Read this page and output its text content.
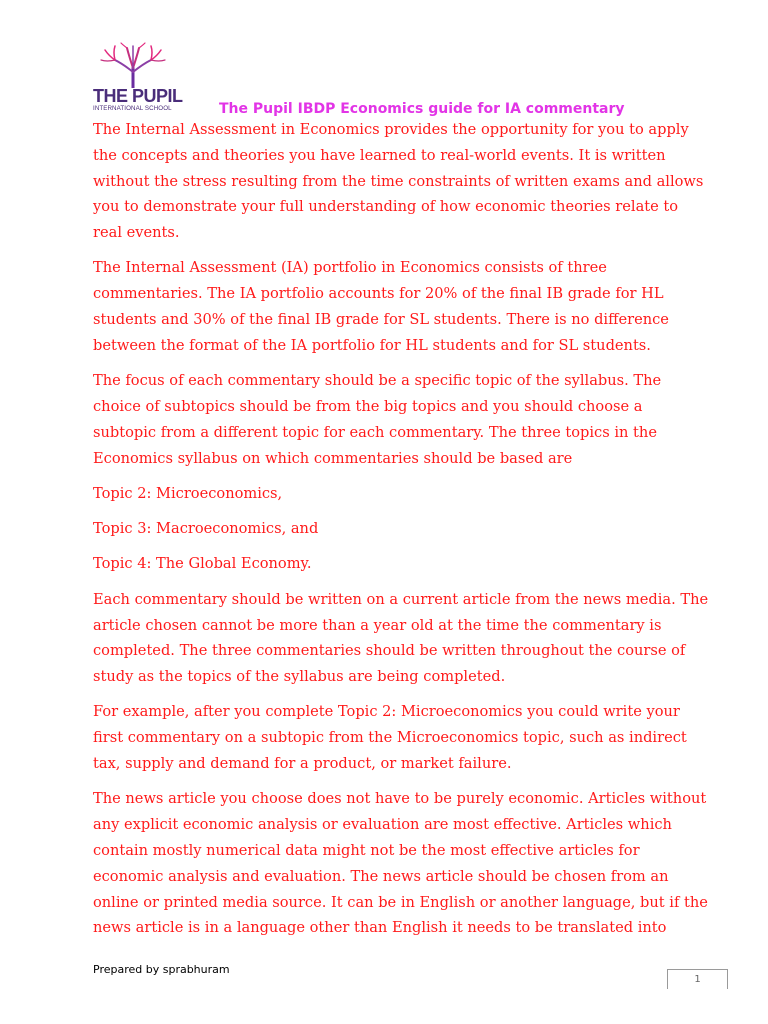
THE PUPIL
INTERNATIONAL SCHOOL	The Pupil IBDP Economics guide for IA commentary

The Internal Assessment in Economics provides the opportunity for you to apply
the concepts and theories you have learned to real-world events. It is written
without the stress resulting from the time constraints of written exams and allows
you to demonstrate your full understanding of how economic theories relate to
real events.

The Internal Assessment (IA) portfolio in Economics consists of three
commentaries. The IA portfolio accounts for 20% of the final IB grade for HL
students and 30% of the final IB grade for SL students. There is no difference
between the format of the IA portfolio for HL students and for SL students.

The focus of each commentary should be a specific topic of the syllabus. The
choice of subtopics should be from the big topics and you should choose a
subtopic from a different topic for each commentary. The three topics in the
Economics syllabus on which commentaries should be based are

Topic 2: Microeconomics,

Topic 3: Macroeconomics, and

Topic 4: The Global Economy.

Each commentary should be written on a current article from the news media. The
article chosen cannot be more than a year old at the time the commentary is
completed. The three commentaries should be written throughout the course of
study as the topics of the syllabus are being completed.

For example, after you complete Topic 2: Microeconomics you could write your
first commentary on a subtopic from the Microeconomics topic, such as indirect
tax, supply and demand for a product, or market failure.

The news article you choose does not have to be purely economic. Articles without
any explicit economic analysis or evaluation are most effective. Articles which
contain mostly numerical data might not be the most effective articles for
economic analysis and evaluation. The news article should be chosen from an
online or printed media source. It can be in English or another language, but if the
news article is in a language other than English it needs to be translated into

Prepared by sprabhuram
1
